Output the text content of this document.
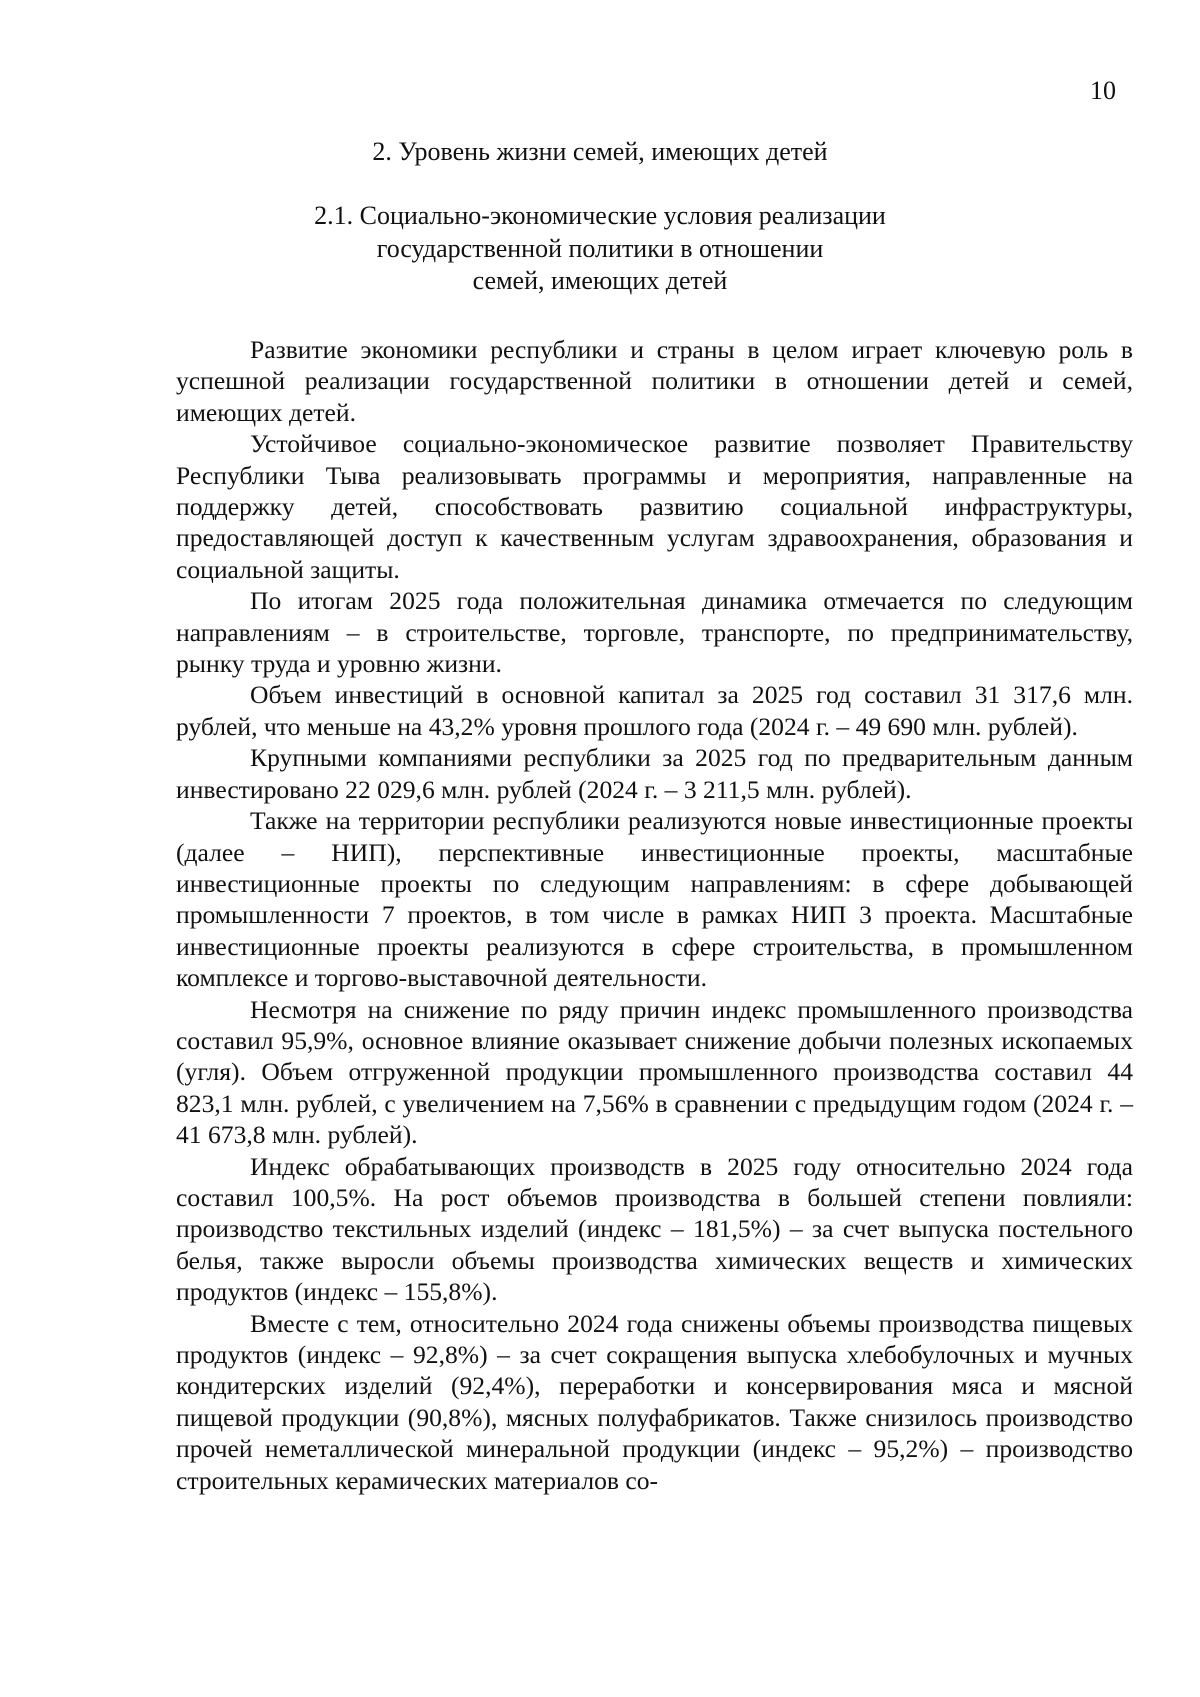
10
2. Уровень жизни семей, имеющих детей
2.1. Социально-экономические условия реализации
государственной политики в отношении
семей, имеющих детей

Развитие экономики республики и страны в целом играет ключевую роль в успешной реализации государственной политики в отношении детей и семей, имеющих детей.

Устойчивое социально-экономическое развитие позволяет Правительству Республики Тыва реализовывать программы и мероприятия, направленные на поддержку детей, способствовать развитию социальной инфраструктуры, предоставляющей доступ к качественным услугам здравоохранения, образования и социальной защиты.

По итогам 2025 года положительная динамика отмечается по следующим направлениям – в строительстве, торговле, транспорте, по предпринимательству, рынку труда и уровню жизни.

Объем инвестиций в основной капитал за 2025 год составил 31 317,6 млн. рублей, что меньше на 43,2% уровня прошлого года (2024 г. – 49 690 млн. рублей).

Крупными компаниями республики за 2025 год по предварительным данным инвестировано 22 029,6 млн. рублей (2024 г. – 3 211,5 млн. рублей).

Также на территории республики реализуются новые инвестиционные проекты (далее – НИП), перспективные инвестиционные проекты, масштабные инвестиционные проекты по следующим направлениям: в сфере добывающей промышленности 7 проектов, в том числе в рамках НИП 3 проекта. Масштабные инвестиционные проекты реализуются в сфере строительства, в промышленном комплексе и торгово-выставочной деятельности.

Несмотря на снижение по ряду причин индекс промышленного производства составил 95,9%, основное влияние оказывает снижение добычи полезных ископаемых (угля). Объем отгруженной продукции промышленного производства составил 44 823,1 млн. рублей, с увеличением на 7,56% в сравнении с предыдущим годом (2024 г. – 41 673,8 млн. рублей).

Индекс обрабатывающих производств в 2025 году относительно 2024 года составил 100,5%. На рост объемов производства в большей степени повлияли: производство текстильных изделий (индекс – 181,5%) – за счет выпуска постельного белья, также выросли объемы производства химических веществ и химических продуктов (индекс – 155,8%).

Вместе с тем, относительно 2024 года снижены объемы производства пищевых продуктов (индекс – 92,8%) – за счет сокращения выпуска хлебобулочных и мучных кондитерских изделий (92,4%), переработки и консервирования мяса и мясной пищевой продукции (90,8%), мясных полуфабрикатов. Также снизилось производство прочей неметаллической минеральной продукции (индекс – 95,2%) – производство строительных керамических материалов со-
